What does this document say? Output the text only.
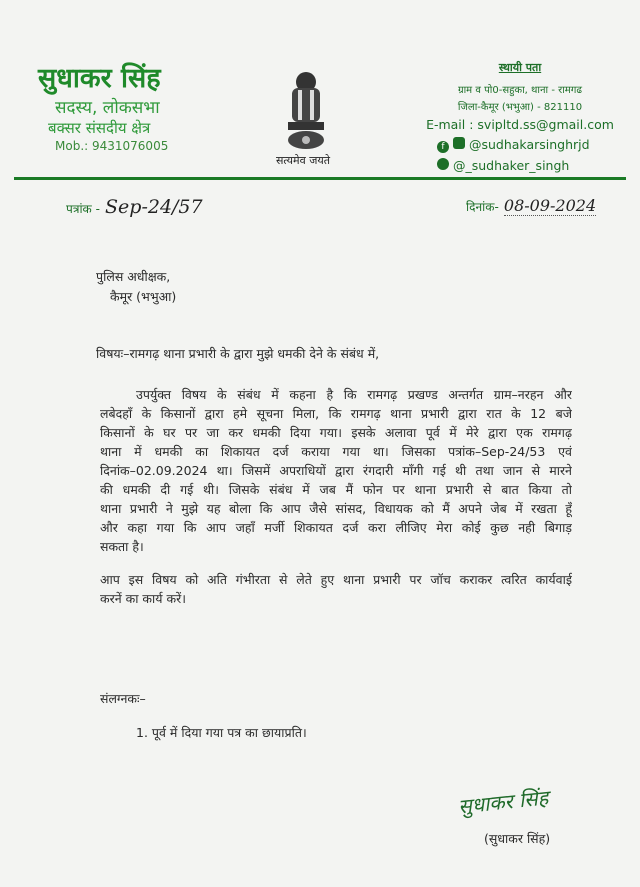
सुधाकर सिंह
सदस्य, लोकसभा
बक्सर संसदीय क्षेत्र
Mob.: 9431076005
सत्यमेव जयते
स्थायी पता
ग्राम व पो0-सहुका, थाना - रामगढ
जिला-कैमूर (भभुआ) - 821110
E-mail : svipltd.ss@gmail.com
f @sudhakarsinghrjd
@_sudhaker_singh
पत्रांक - Sep-24/57	दिनांक- 08-09-2024
पुलिस अधीक्षक,
कैमूर (भभुआ)
विषयः–रामगढ़ थाना प्रभारी के द्वारा मुझे धमकी देने के संबंध में,
उपर्युक्त विषय के संबंध में कहना है कि रामगढ़ प्रखण्ड अन्तर्गत ग्राम–नरहन और
लबेदहाँ के किसानों द्वारा हमे सूचना मिला, कि रामगढ़ थाना प्रभारी द्वारा रात के 12 बजे
किसानों के घर पर जा कर धमकी दिया गया। इसके अलावा पूर्व में मेरे द्वारा एक रामगढ़
थाना में धमकी का शिकायत दर्ज कराया गया था। जिसका पत्रांक–Sep-24/53 एवं
दिनांक–02.09.2024 था। जिसमें अपराधियों द्वारा रंगदारी माँगी गई थी तथा जान से मारने
की धमकी दी गई थी। जिसके संबंध में जब मैं फोन पर थाना प्रभारी से बात किया तो
थाना प्रभारी ने मुझे यह बोला कि आप जैसे सांसद, विधायक को मैं अपने जेब में रखता हूँ
और कहा गया कि आप जहाँ मर्जी शिकायत दर्ज करा लीजिए मेरा कोई कुछ नही बिगाड़
सकता है।
आप इस विषय को अति गंभीरता से लेते हुए थाना प्रभारी पर जॉच कराकर त्वरित कार्यवाई
करनें का कार्य करें।
संलग्नकः–
1. पूर्व में दिया गया पत्र का छायाप्रति।
सुधाकर सिंह
(सुधाकर सिंह)
